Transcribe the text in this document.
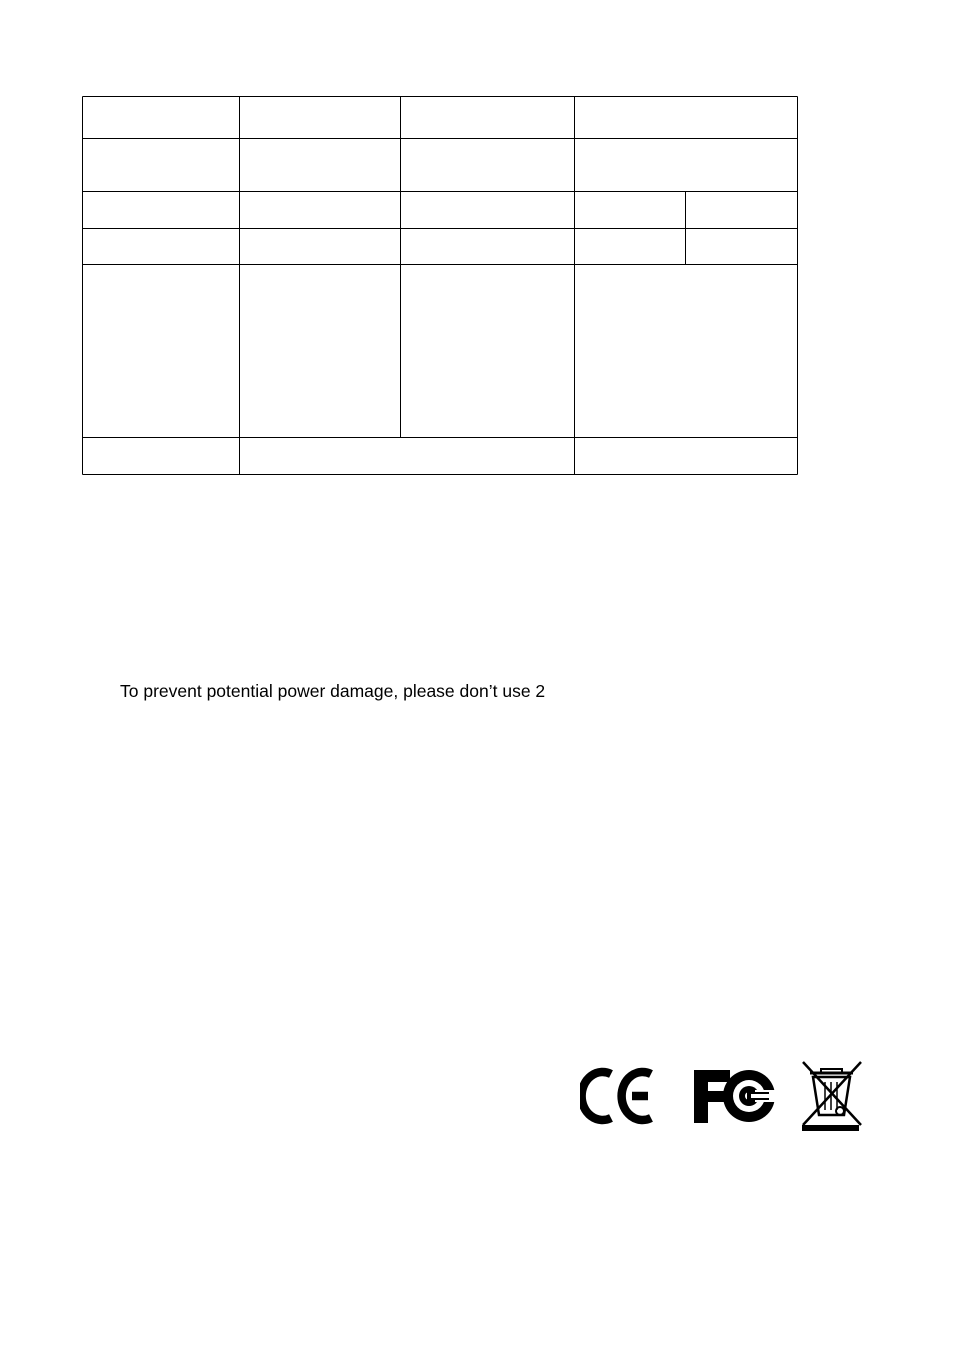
To prevent potential power damage, please don’t use 2
